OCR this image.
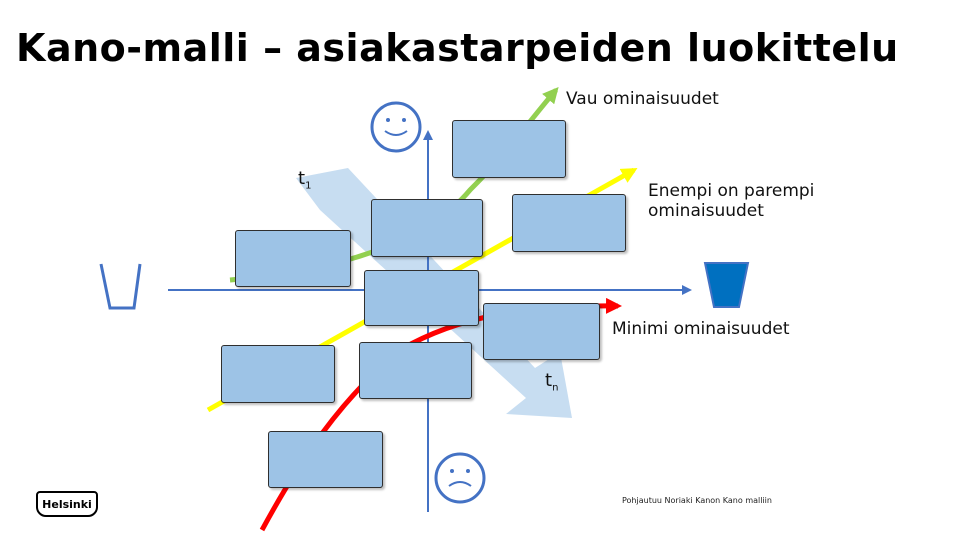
Kano-malli – asiakastarpeiden luokittelu
Vau ominaisuudet
Enempi on parempi
ominaisuudet
Minimi ominaisuudet
$t_1$
$t_n$
Helsinki	Pohjautuu Noriaki Kanon Kano malliin
